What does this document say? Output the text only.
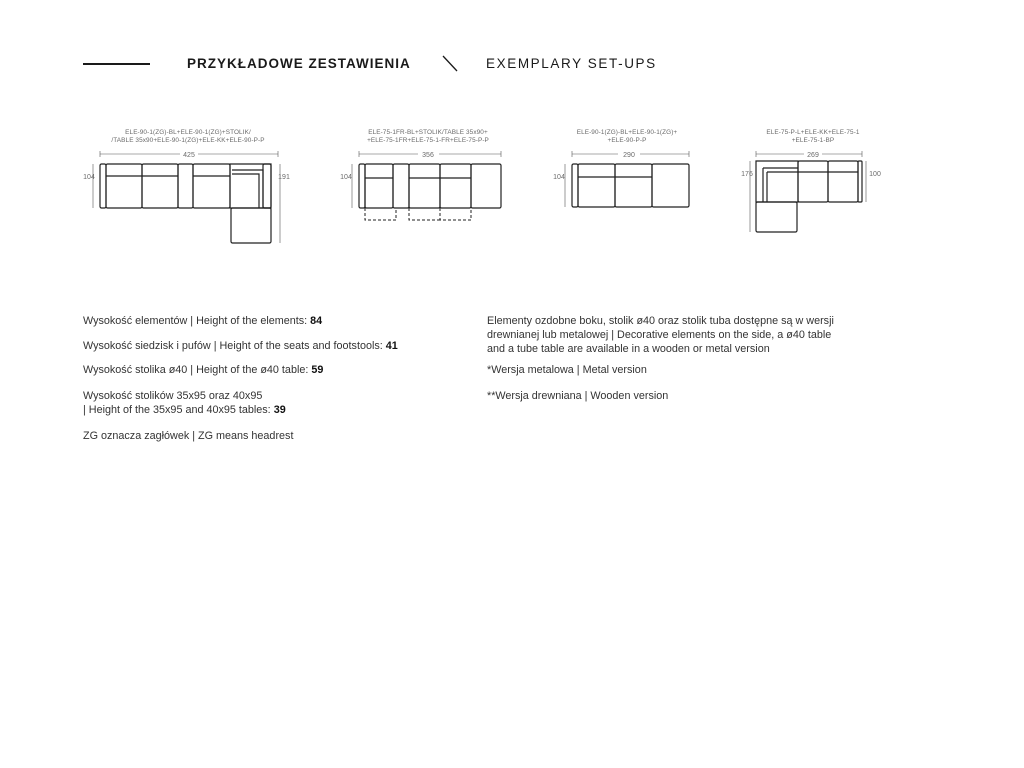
PRZYKŁADOWE ZESTAWIENIA	EXEMPLARY SET-UPS
ELE-90-1(ZG)-BL+ELE-90-1(ZG)+STOLIK/
/TABLE 35x90+ELE-90-1(ZG)+ELE-KK+ELE-90-P-P
425
104	191
ELE-75-1FR-BL+STOLIK/TABLE 35x90+
+ELE-75-1FR+ELE-75-1-FR+ELE-75-P-P
356
104
ELE-90-1(ZG)-BL+ELE-90-1(ZG)+
+ELE-90-P-P
290
104
ELE-75-P-L+ELE-KK+ELE-75-1
+ELE-75-1-BP
269
176	100

Wysokość elementów | Height of the elements: 84

Wysokość siedzisk i pufów | Height of the seats and footstools: 41

Wysokość stolika ø40 | Height of the ø40 table: 59

Wysokość stolików 35x95 oraz 40x95
| Height of the 35x95 and 40x95 tables: 39

ZG oznacza zagłówek | ZG means headrest

Elementy ozdobne boku, stolik ø40 oraz stolik tuba dostępne są w wersji
drewnianej lub metalowej | Decorative elements on the side, a ø40 table
and a tube table are available in a wooden or metal version

*Wersja metalowa | Metal version

**Wersja drewniana | Wooden version
